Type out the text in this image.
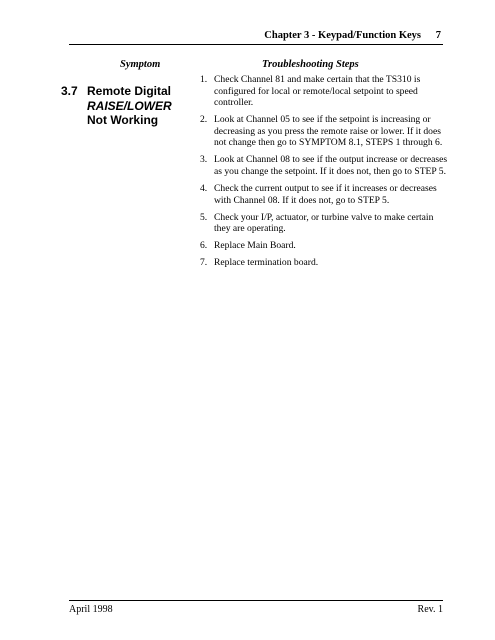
Chapter 3 - Keypad/Function Keys 7
Symptom	Troubleshooting Steps
3.7 Remote Digital
RAISE/LOWER
Not Working
1. Check Channel 81 and make certain that the TS310 is configured for local or remote/local setpoint to speed controller.
2. Look at Channel 05 to see if the setpoint is increasing or decreasing as you press the remote raise or lower. If it does not change then go to SYMPTOM 8.1, STEPS 1 through 6.
3. Look at Channel 08 to see if the output increase or decreases as you change the setpoint. If it does not, then go to STEP 5.
4. Check the current output to see if it increases or decreases with Channel 08. If it does not, go to STEP 5.
5. Check your I/P, actuator, or turbine valve to make certain they are operating.
6. Replace Main Board.
7. Replace termination board.
April 1998	Rev. 1
